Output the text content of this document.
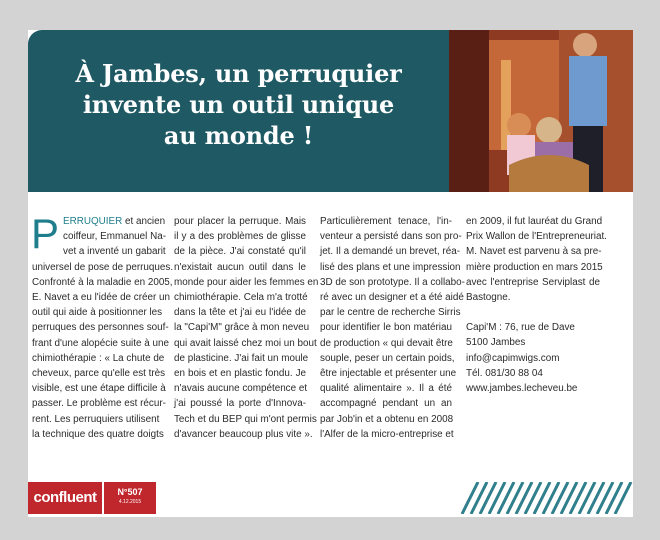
À Jambes, un perruquier
invente un outil unique
au monde !
P ERRUQUIER et ancien
coiffeur, Emmanuel Na-
vet a inventé un gabarit
universel de pose de perruques.
Confronté à la maladie en 2005,
E. Navet a eu l'idée de créer un
outil qui aide à positionner les
perruques des personnes souf-
frant d'une alopécie suite à une
chimiothérapie : « La chute de
cheveux, parce qu'elle est très
visible, est une étape difficile à
passer. Le problème est récur-
rent. Les perruquiers utilisent
la technique des quatre doigts
pour placer la perruque. Mais
il y a des problèmes de glisse
de la pièce. J'ai constaté qu'il
n'existait aucun outil dans le
monde pour aider les femmes en
chimiothérapie. Cela m'a trotté
dans la tête et j'ai eu l'idée de
la "Capi'M" grâce à mon neveu
qui avait laissé chez moi un bout
de plasticine. J'ai fait un moule
en bois et en plastic fondu. Je
n'avais aucune compétence et
j'ai poussé la porte d'Innova-
Tech et du BEP qui m'ont permis
d'avancer beaucoup plus vite ».
Particulièrement tenace, l'in-
venteur a persisté dans son pro-
jet. Il a demandé un brevet, réa-
lisé des plans et une impression
3D de son prototype. Il a collabo-
ré avec un designer et a été aidé
par le centre de recherche Sirris
pour identifier le bon matériau
de production « qui devait être
souple, peser un certain poids,
être injectable et présenter une
qualité alimentaire ». Il a été
accompagné pendant un an
par Job'in et a obtenu en 2008
l'Alfer de la micro-entreprise et
en 2009, il fut lauréat du Grand
Prix Wallon de l'Entrepreneuriat.
M. Navet est parvenu à sa pre-
mière production en mars 2015
avec l'entreprise Serviplast de
Bastogne.
Capi'M : 76, rue de Dave
5100 Jambes
info@capimwigs.com
Tél. 081/30 88 04
www.jambes.lecheveu.be
confluent	N°507
4.12.2015
